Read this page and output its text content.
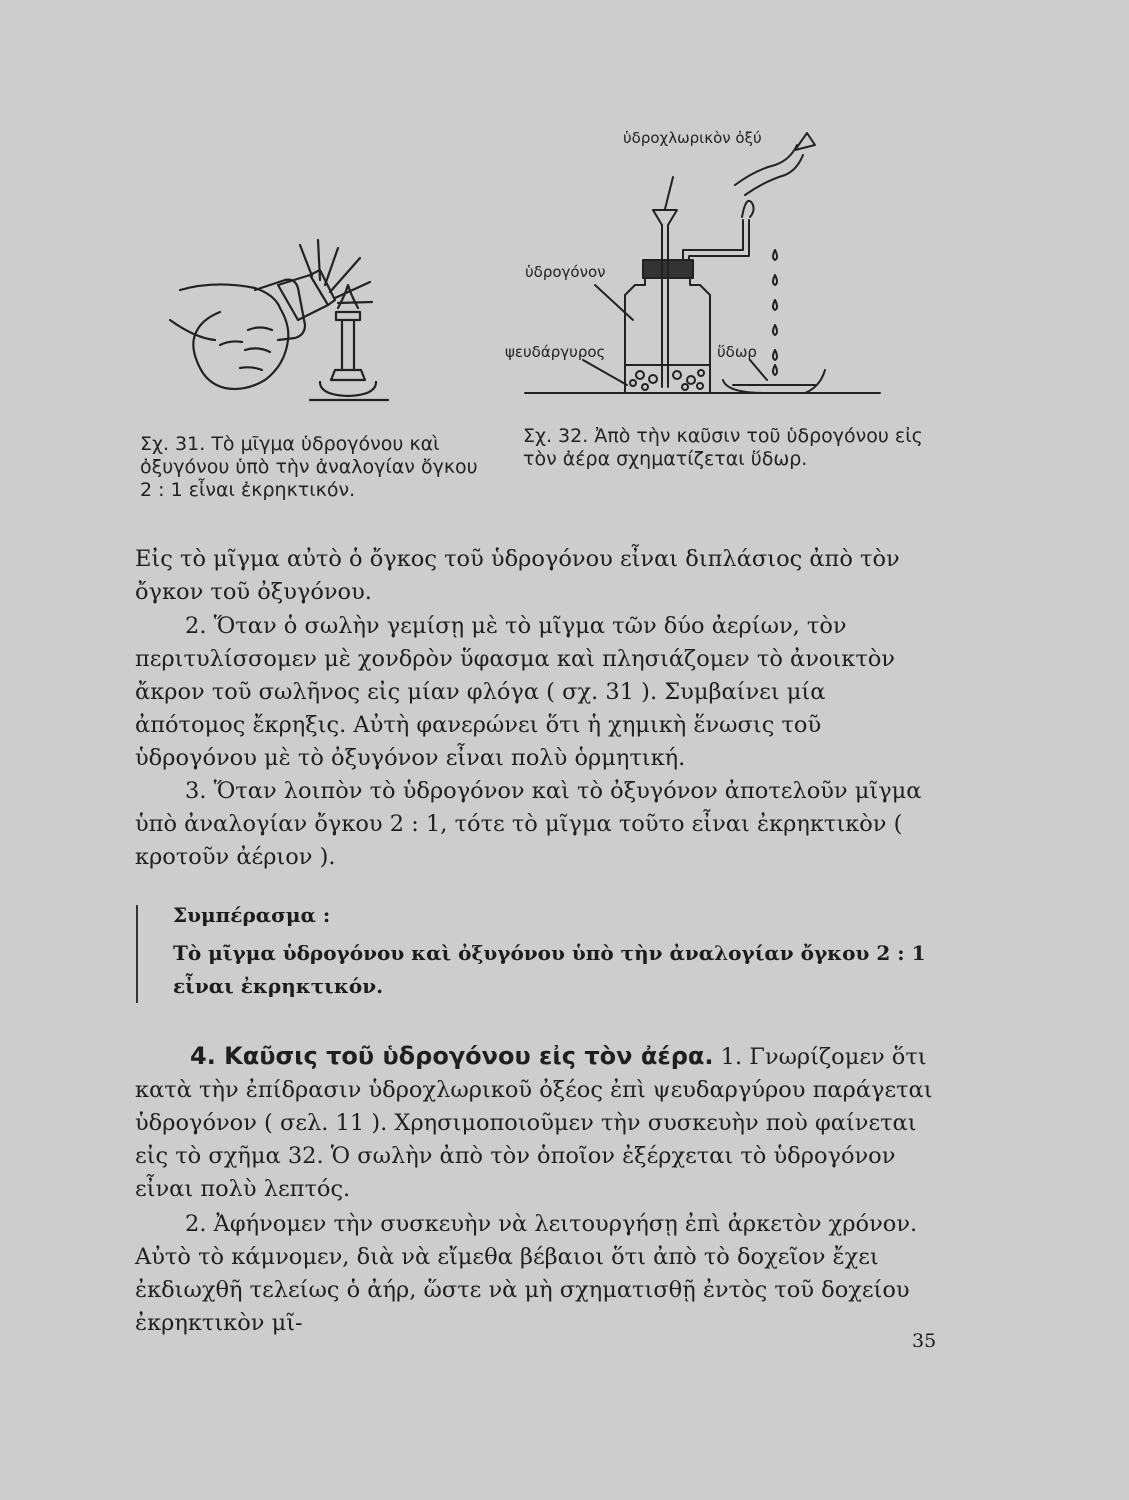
ὑδροχλωρικὸν ὀξύ
ὑδρογόνον
ψευδάργυρος	ὕδωρ
Σχ. 31. Τὸ μῖγμα ὑδρογόνου καὶ ὀξυγόνου ὑπὸ τὴν ἀναλογίαν ὄγκου 2 : 1 εἶναι ἐκρηκτικόν.
Σχ. 32. Ἀπὸ τὴν καῦσιν τοῦ ὑδρογόνου εἰς τὸν ἀέρα σχηματίζεται ὕδωρ.
Εἰς τὸ μῖγμα αὐτὸ ὁ ὄγκος τοῦ ὑδρογόνου εἶναι διπλάσιος ἀπὸ τὸν ὄγκον τοῦ ὀξυγόνου.
2. Ὅταν ὁ σωλὴν γεμίσῃ μὲ τὸ μῖγμα τῶν δύο ἀερίων, τὸν περιτυλίσσομεν μὲ χονδρὸν ὕφασμα καὶ πλησιάζομεν τὸ ἀνοικτὸν ἄκρον τοῦ σωλῆνος εἰς μίαν φλόγα ( σχ. 31 ). Συμβαίνει μία ἀπότομος ἔκρηξις. Αὐτὴ φανερώνει ὅτι ἡ χημικὴ ἕνωσις τοῦ ὑδρογόνου μὲ τὸ ὀξυγόνον εἶναι πολὺ ὁρμητική.
3. Ὅταν λοιπὸν τὸ ὑδρογόνον καὶ τὸ ὀξυγόνον ἀποτελοῦν μῖγμα ὑπὸ ἀναλογίαν ὄγκου 2 : 1, τότε τὸ μῖγμα τοῦτο εἶναι ἐκρηκτικὸν ( κροτοῦν ἀέριον ).
Συμπέρασμα :
Τὸ μῖγμα ὑδρογόνου καὶ ὀξυγόνου ὑπὸ τὴν ἀναλογίαν ὄγκου 2 : 1 εἶναι ἐκρηκτικόν.
4. Καῦσις τοῦ ὑδρογόνου εἰς τὸν ἀέρα. 1. Γνωρίζομεν ὅτι κατὰ τὴν ἐπίδρασιν ὑδροχλωρικοῦ ὀξέος ἐπὶ ψευδαργύρου παράγεται ὑδρογόνον ( σελ. 11 ). Χρησιμοποιοῦμεν τὴν συσκευὴν ποὺ φαίνεται εἰς τὸ σχῆμα 32. Ὁ σωλὴν ἀπὸ τὸν ὁποῖον ἐξέρχεται τὸ ὑδρογόνον εἶναι πολὺ λεπτός.
2. Ἀφήνομεν τὴν συσκευὴν νὰ λειτουργήσῃ ἐπὶ ἀρκετὸν χρόνον. Αὐτὸ τὸ κάμνομεν, διὰ νὰ εἴμεθα βέβαιοι ὅτι ἀπὸ τὸ δοχεῖον ἔχει ἐκδιωχθῆ τελείως ὁ ἀήρ, ὥστε νὰ μὴ σχηματισθῇ ἐντὸς τοῦ δοχείου ἐκρηκτικὸν μῖ-
35
